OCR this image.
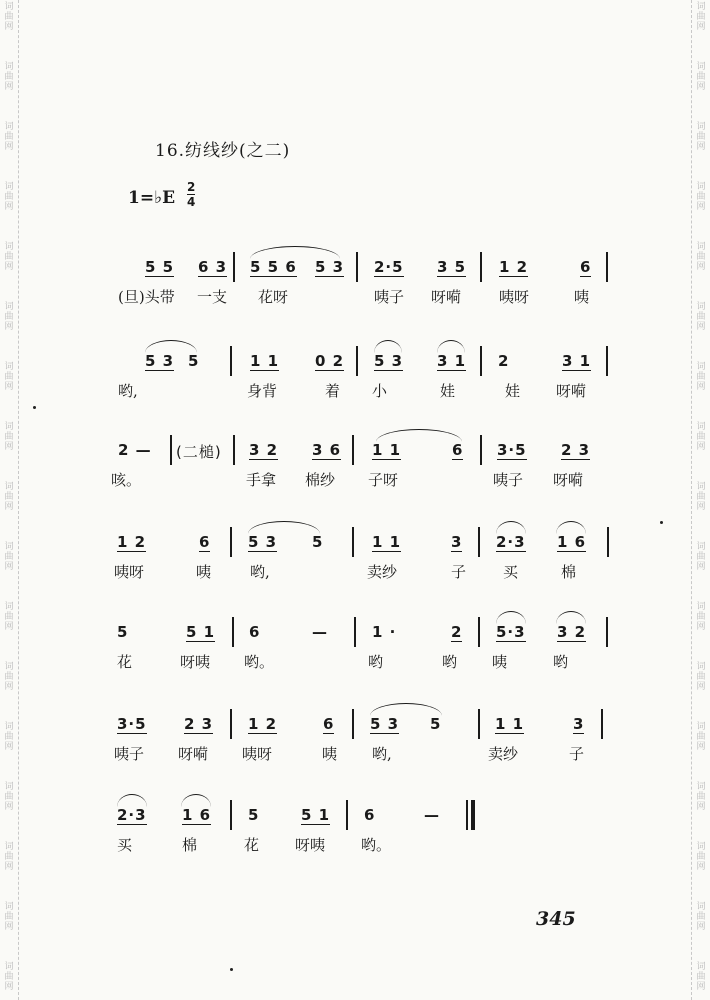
词曲网
词曲网
词曲网
词曲网
词曲网
词曲网
词曲网
词曲网
词曲网
词曲网
词曲网
词曲网
词曲网
词曲网
词曲网
词曲网
词曲网
词曲网
词曲网
词曲网
词曲网
词曲网
词曲网
词曲网
词曲网
词曲网
词曲网
词曲网
词曲网
词曲网
词曲网
词曲网
词曲网
词曲网
16.纺线纱(之二)
1=♭E
2
4
5 5 6 3 5 5 6 5 3 2·5 3 5 1 2	6
(旦)头带 一支 花呀	咦子 呀嗬	咦呀	咦
5 3 5	1 1 0 2 5 3 3 1 2	3 1
哟,	身背	着 小	娃	娃 呀嗬
2 — (二槌) 3 2 3 6 1 1	6 3·5 2 3
咳。	手拿 棉纱 子呀	咦子 呀嗬
1 2	6	5 3 5	1 1	3 2·3 1 6
咦呀	咦	哟,	卖纱	子 买	棉
5	5 1 6	—	1 ·	2 5·3 3 2
花	呀咦 哟。	哟	哟 咦	哟
3·5 2 3 1 2	6 5 3 5	1 1	3
咦子 呀嗬 咦呀	咦 哟,	卖纱	子
2·3 1 6 5	5 1 6	—
买	棉	花 呀咦 哟。
345
